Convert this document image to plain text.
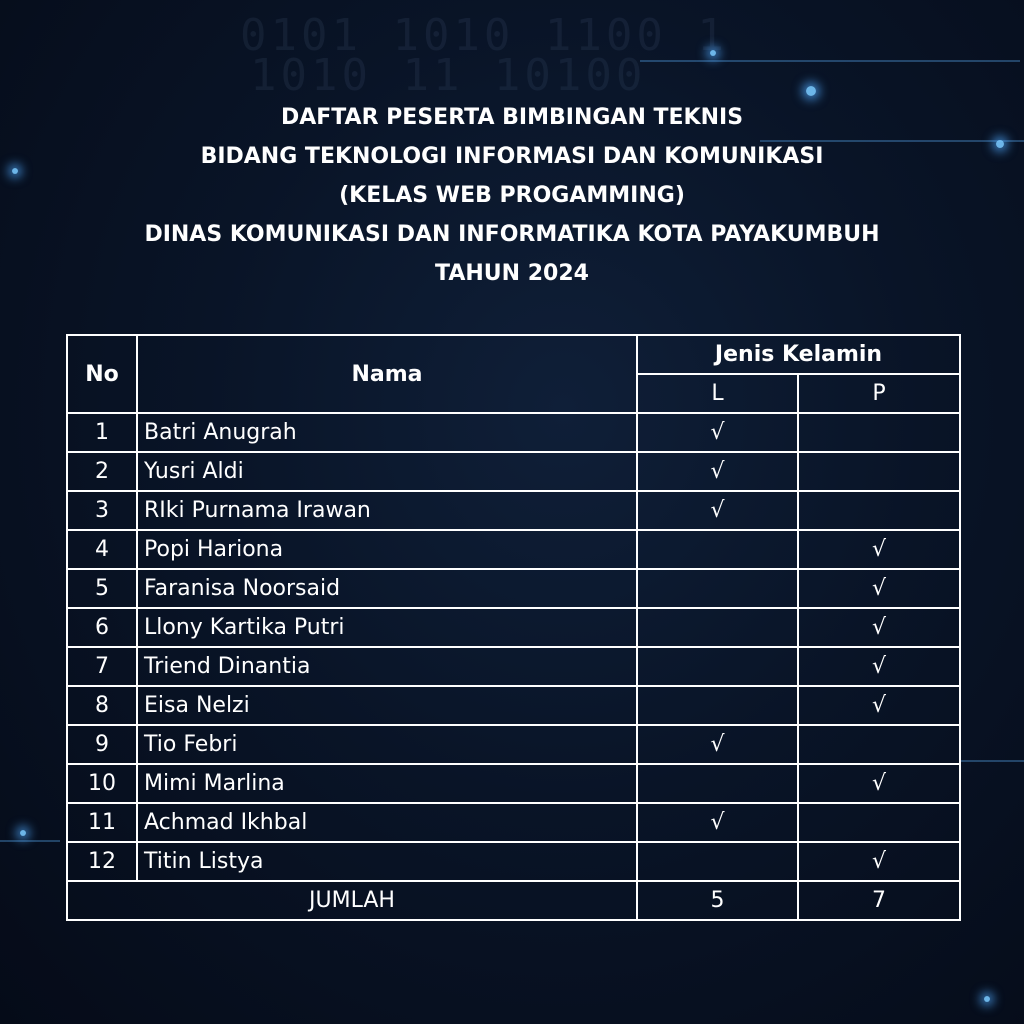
0101 1010 1100 1
1010 11 10100
DAFTAR PESERTA BIMBINGAN TEKNIS
BIDANG TEKNOLOGI INFORMASI DAN KOMUNIKASI
(KELAS WEB PROGAMMING)
DINAS KOMUNIKASI DAN INFORMATIKA KOTA PAYAKUMBUH
TAHUN 2024
No	Nama	Jenis Kelamin	
		L	P
1	Batri Anugrah	√	
2	Yusri Aldi	√	
3	RIki Purnama Irawan	√	
4	Popi Hariona		√
5	Faranisa Noorsaid		√
6	Llony Kartika Putri		√
7	Triend Dinantia		√
8	Eisa Nelzi		√
9	Tio Febri	√	
10	Mimi Marlina		√
11	Achmad Ikhbal	√	
12	Titin Listya		√
JUMLAH		5	7
